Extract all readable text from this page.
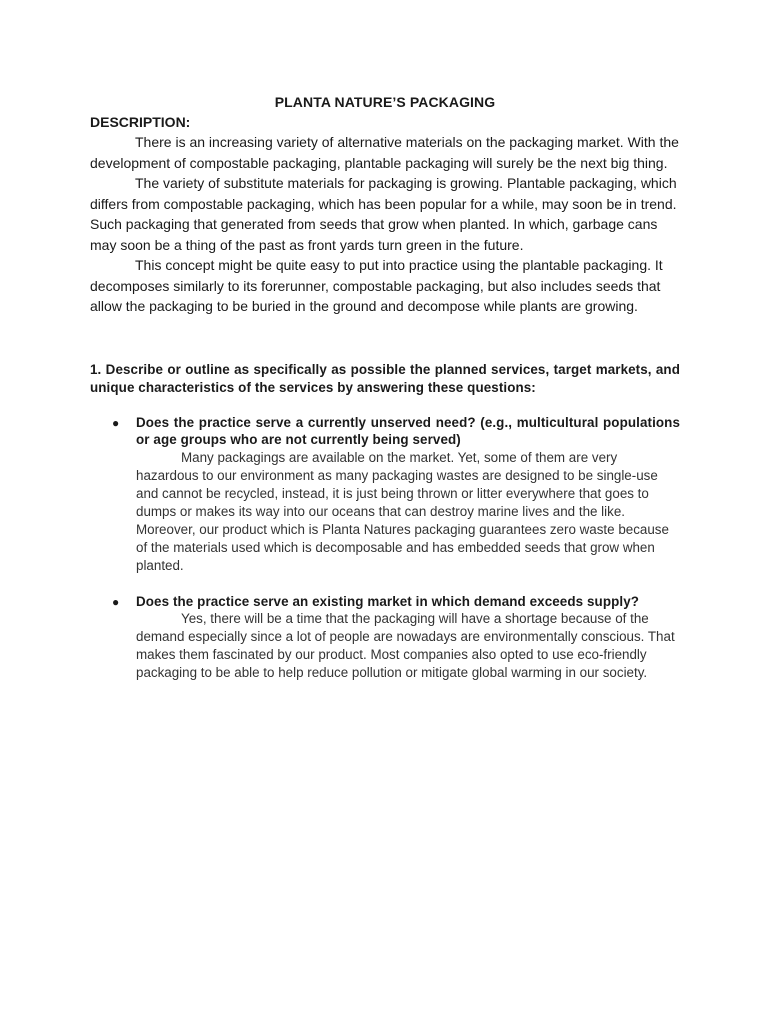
PLANTA NATURE’S PACKAGING
DESCRIPTION:

There is an increasing variety of alternative materials on the packaging market. With the development of compostable packaging, plantable packaging will surely be the next big thing.

The variety of substitute materials for packaging is growing. Plantable packaging, which differs from compostable packaging, which has been popular for a while, may soon be in trend. Such packaging that generated from seeds that grow when planted. In which, garbage cans may soon be a thing of the past as front yards turn green in the future.

This concept might be quite easy to put into practice using the plantable packaging. It decomposes similarly to its forerunner, compostable packaging, but also includes seeds that allow the packaging to be buried in the ground and decompose while plants are growing.

1. Describe or outline as specifically as possible the planned services, target markets, and unique characteristics of the services by answering these questions:

● Does the practice serve a currently unserved need? (e.g., multicultural populations or age groups who are not currently being served)

Many packagings are available on the market. Yet, some of them are very hazardous to our environment as many packaging wastes are designed to be single-use and cannot be recycled, instead, it is just being thrown or litter everywhere that goes to dumps or makes its way into our oceans that can destroy marine lives and the like. Moreover, our product which is Planta Natures packaging guarantees zero waste because of the materials used which is decomposable and has embedded seeds that grow when planted.

● Does the practice serve an existing market in which demand exceeds supply?

Yes, there will be a time that the packaging will have a shortage because of the demand especially since a lot of people are nowadays are environmentally conscious. That makes them fascinated by our product. Most companies also opted to use eco-friendly packaging to be able to help reduce pollution or mitigate global warming in our society.
